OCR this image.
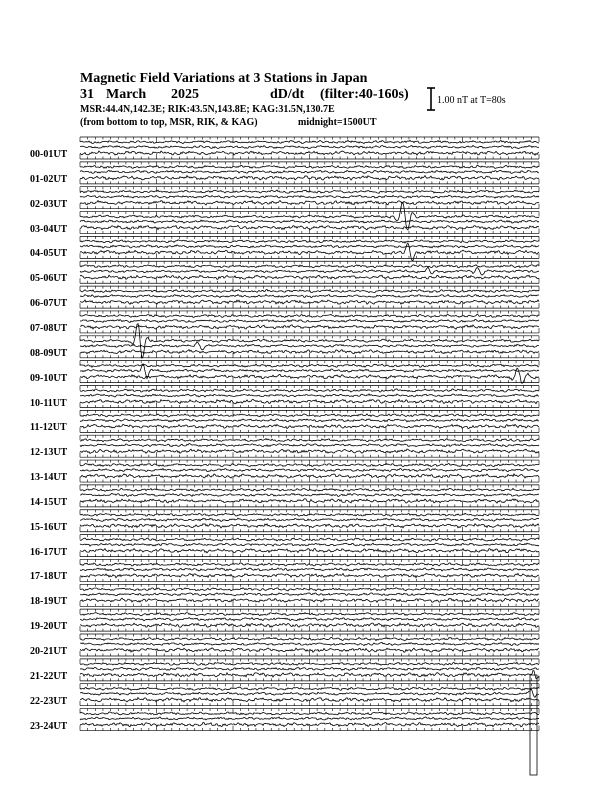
Magnetic Field Variations at 3 Stations in Japan
31 March 2025	dD/dt (filter:40-160s)
MSR:44.4N,142.3E; RIK:43.5N,143.8E; KAG:31.5N,130.7E
(from bottom to top, MSR, RIK, & KAG)	midnight=1500UT
1.00 nT at T=80s
00-01UT
01-02UT
02-03UT
03-04UT
04-05UT
05-06UT
06-07UT
07-08UT
08-09UT
09-10UT
10-11UT
11-12UT
12-13UT
13-14UT
14-15UT
15-16UT
16-17UT
17-18UT
18-19UT
19-20UT
20-21UT
21-22UT
22-23UT
23-24UT
